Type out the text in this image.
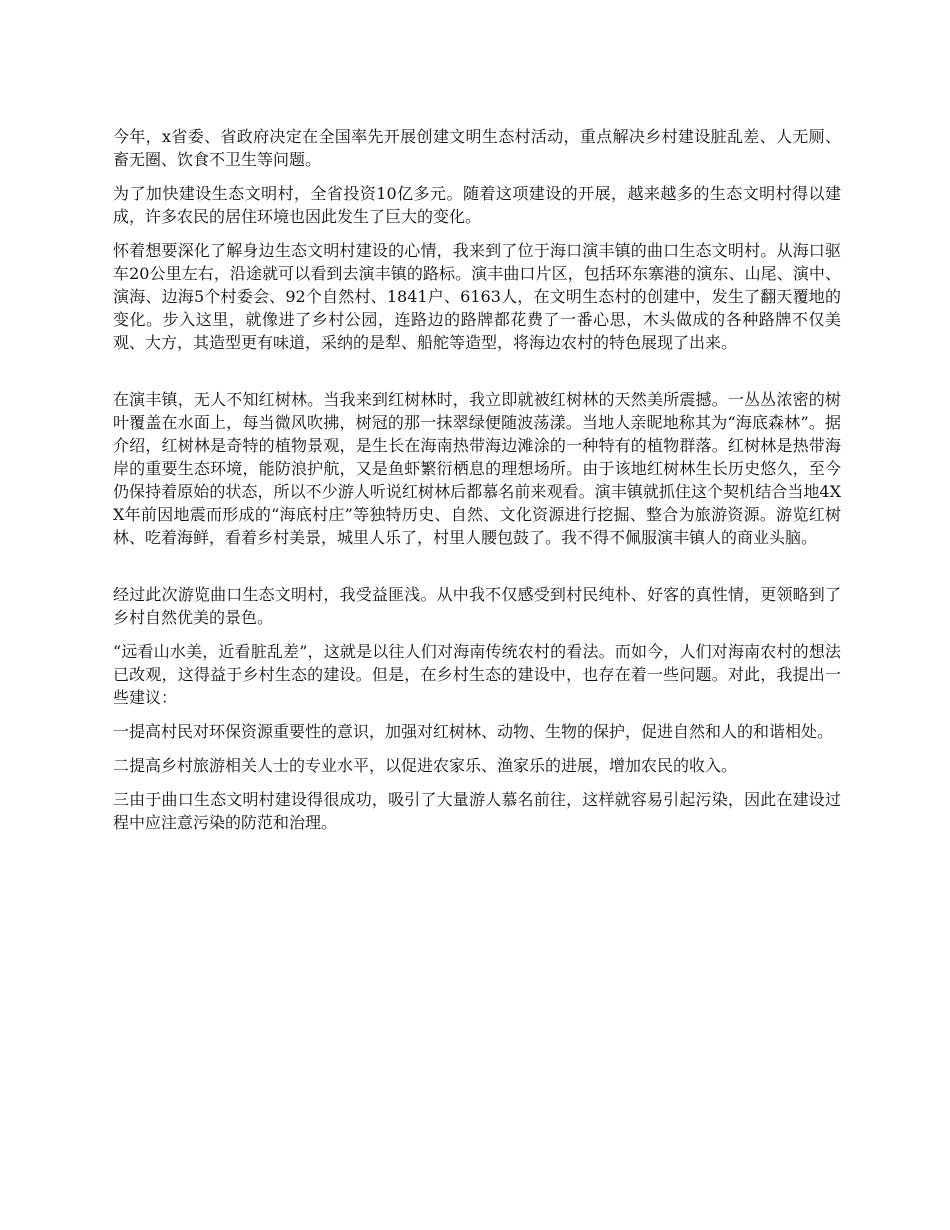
今年，x省委、省政府决定在全国率先开展创建文明生态村活动，重点解决乡村建设脏乱差、人无厕、畜无圈、饮食不卫生等问题。

为了加快建设生态文明村，全省投资10亿多元。随着这项建设的开展，越来越多的生态文明村得以建成，许多农民的居住环境也因此发生了巨大的变化。

怀着想要深化了解身边生态文明村建设的心情，我来到了位于海口演丰镇的曲口生态文明村。从海口驱车20公里左右，沿途就可以看到去演丰镇的路标。演丰曲口片区，包括环东寨港的演东、山尾、演中、演海、边海5个村委会、92个自然村、1841户、6163人，在文明生态村的创建中，发生了翻天覆地的变化。步入这里，就像进了乡村公园，连路边的路牌都花费了一番心思，木头做成的各种路牌不仅美观、大方，其造型更有味道，采纳的是犁、船舵等造型，将海边农村的特色展现了出来。

在演丰镇，无人不知红树林。当我来到红树林时，我立即就被红树林的天然美所震撼。一丛丛浓密的树叶覆盖在水面上，每当微风吹拂，树冠的那一抹翠绿便随波荡漾。当地人亲昵地称其为“海底森林”。据介绍，红树林是奇特的植物景观，是生长在海南热带海边滩涂的一种特有的植物群落。红树林是热带海岸的重要生态环境，能防浪护航，又是鱼虾繁衍栖息的理想场所。由于该地红树林生长历史悠久，至今仍保持着原始的状态，所以不少游人听说红树林后都慕名前来观看。演丰镇就抓住这个契机结合当地4XX年前因地震而形成的“海底村庄”等独特历史、自然、文化资源进行挖掘、整合为旅游资源。游览红树林、吃着海鲜，看着乡村美景，城里人乐了，村里人腰包鼓了。我不得不佩服演丰镇人的商业头脑。

经过此次游览曲口生态文明村，我受益匪浅。从中我不仅感受到村民纯朴、好客的真性情，更领略到了乡村自然优美的景色。

“远看山水美，近看脏乱差”，这就是以往人们对海南传统农村的看法。而如今，人们对海南农村的想法已改观，这得益于乡村生态的建设。但是，在乡村生态的建设中，也存在着一些问题。对此，我提出一些建议：

一提高村民对环保资源重要性的意识，加强对红树林、动物、生物的保护，促进自然和人的和谐相处。

二提高乡村旅游相关人士的专业水平，以促进农家乐、渔家乐的进展，增加农民的收入。

三由于曲口生态文明村建设得很成功，吸引了大量游人慕名前往，这样就容易引起污染，因此在建设过程中应注意污染的防范和治理。
